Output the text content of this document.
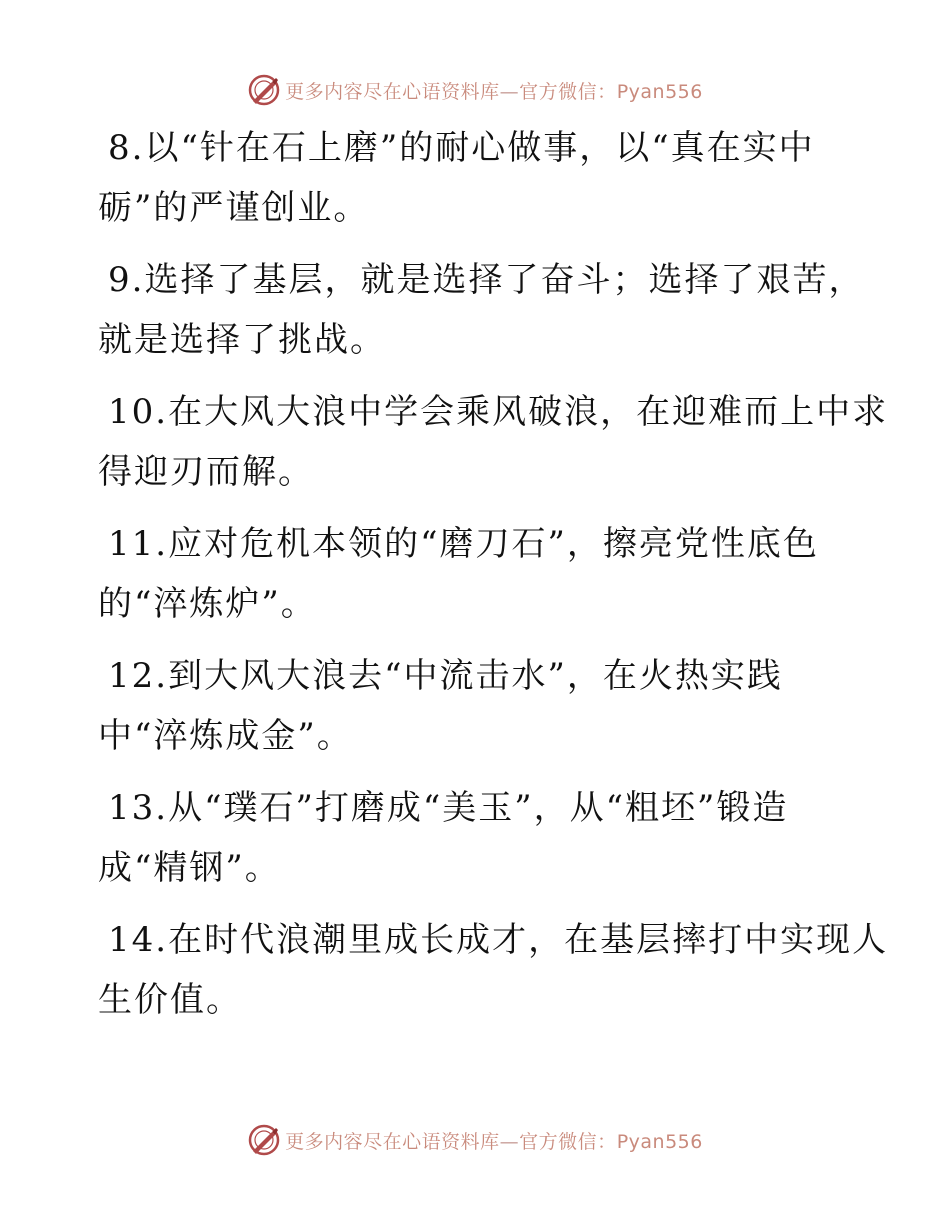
更多内容尽在心语资料库—官方微信：Pyan556

8.以“针在石上磨”的耐心做事，以“真在实中
砺”的严谨创业。

9.选择了基层，就是选择了奋斗；选择了艰苦，
就是选择了挑战。

10.在大风大浪中学会乘风破浪，在迎难而上中求
得迎刃而解。

11.应对危机本领的“磨刀石”，擦亮党性底色
的“淬炼炉”。

12.到大风大浪去“中流击水”，在火热实践
中“淬炼成金”。

13.从“璞石”打磨成“美玉”，从“粗坯”锻造
成“精钢”。

14.在时代浪潮里成长成才，在基层摔打中实现人
生价值。

更多内容尽在心语资料库—官方微信：Pyan556
